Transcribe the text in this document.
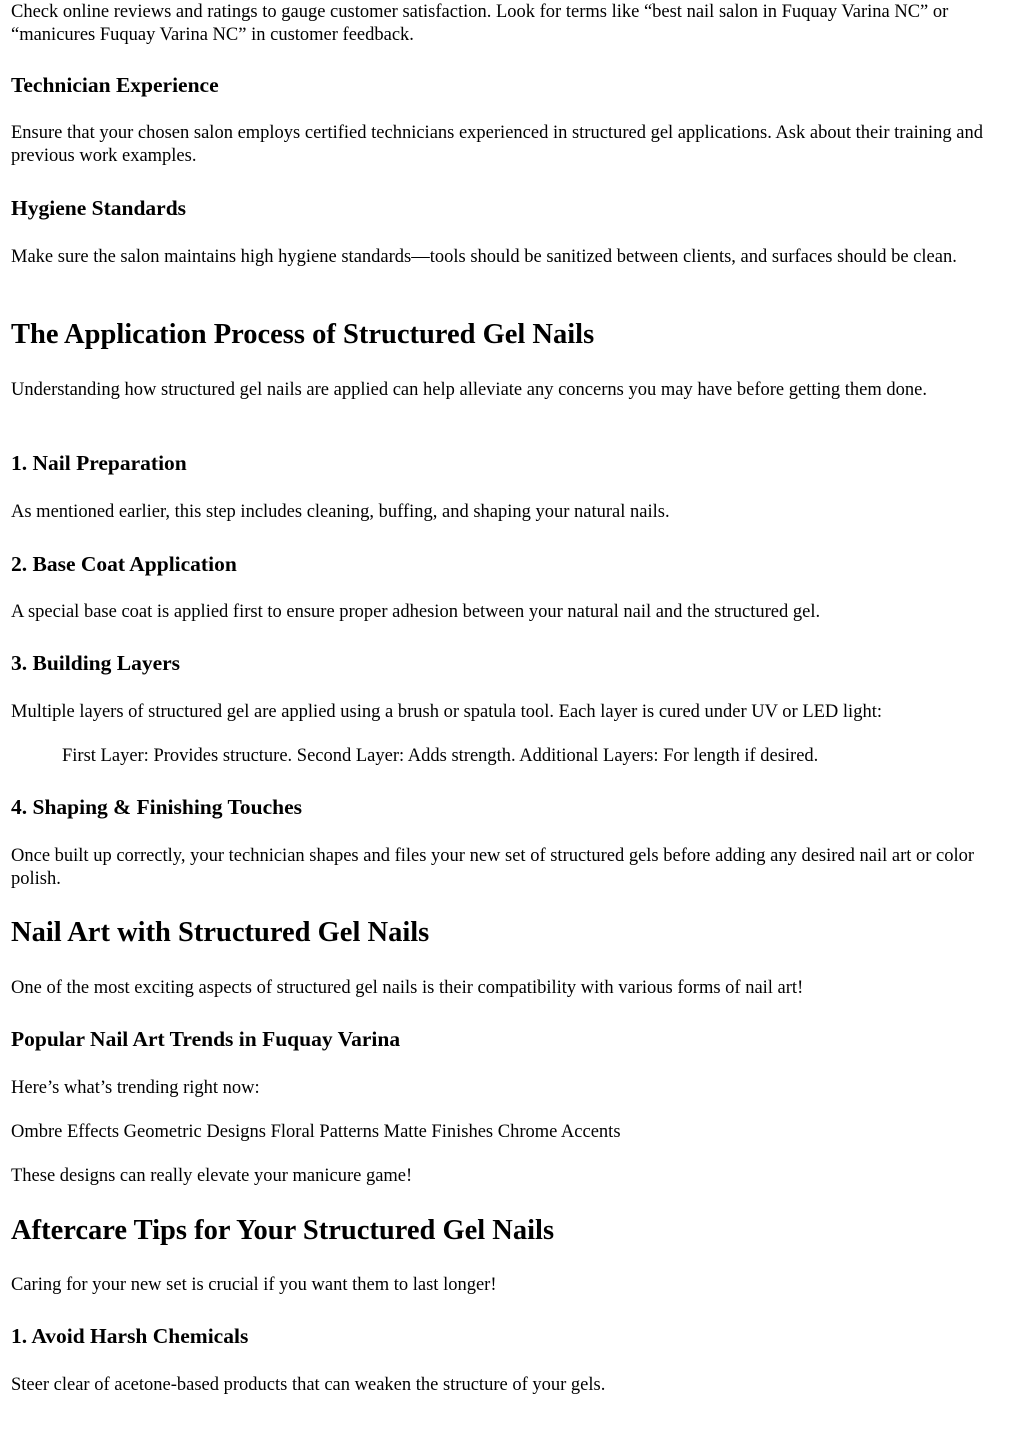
Check online reviews and ratings to gauge customer satisfaction. Look for terms like “best nail salon in Fuquay Varina NC” or “manicures Fuquay Varina NC” in customer feedback.

Technician Experience

Ensure that your chosen salon employs certified technicians experienced in structured gel applications. Ask about their training and previous work examples.

Hygiene Standards

Make sure the salon maintains high hygiene standards—tools should be sanitized between clients, and surfaces should be clean.

The Application Process of Structured Gel Nails

Understanding how structured gel nails are applied can help alleviate any concerns you may have before getting them done.

1. Nail Preparation

As mentioned earlier, this step includes cleaning, buffing, and shaping your natural nails.

2. Base Coat Application

A special base coat is applied first to ensure proper adhesion between your natural nail and the structured gel.

3. Building Layers

Multiple layers of structured gel are applied using a brush or spatula tool. Each layer is cured under UV or LED light:

First Layer: Provides structure. Second Layer: Adds strength. Additional Layers: For length if desired.

4. Shaping & Finishing Touches

Once built up correctly, your technician shapes and files your new set of structured gels before adding any desired nail art or color polish.

Nail Art with Structured Gel Nails

One of the most exciting aspects of structured gel nails is their compatibility with various forms of nail art!

Popular Nail Art Trends in Fuquay Varina

Here’s what’s trending right now:

Ombre Effects Geometric Designs Floral Patterns Matte Finishes Chrome Accents

These designs can really elevate your manicure game!

Aftercare Tips for Your Structured Gel Nails

Caring for your new set is crucial if you want them to last longer!

1. Avoid Harsh Chemicals

Steer clear of acetone-based products that can weaken the structure of your gels.
